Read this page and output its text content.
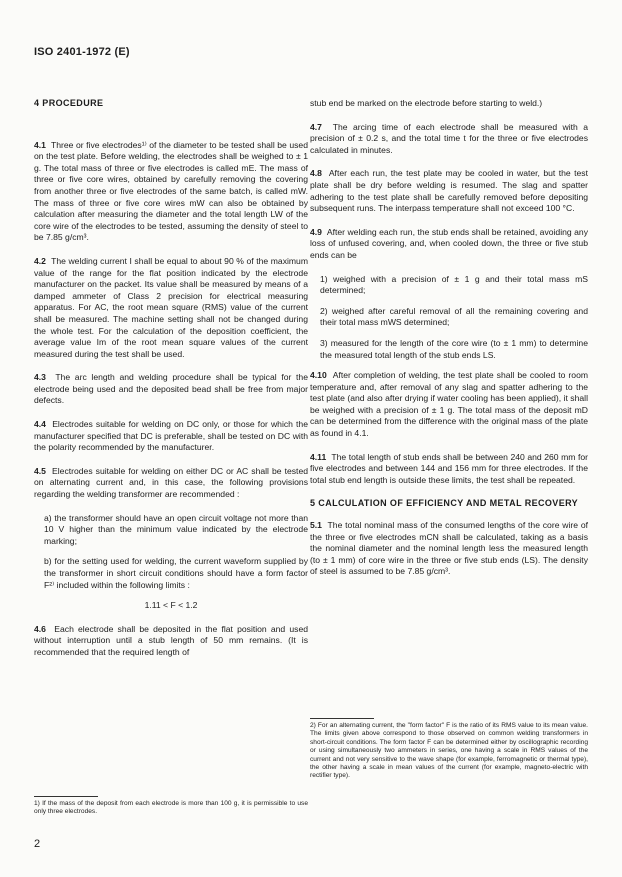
ISO 2401-1972 (E)
4 PROCEDURE

4.1 Three or five electrodes¹⁾ of the diameter to be tested shall be used on the test plate. Before welding, the electrodes shall be weighed to ± 1 g. The total mass of three or five electrodes is called mE. The mass of three or five core wires, obtained by carefully removing the covering from another three or five electrodes of the same batch, is called mW. The mass of three or five core wires mW can also be obtained by calculation after measuring the diameter and the total length LW of the core wire of the electrodes to be tested, assuming the density of steel to be 7.85 g/cm³.

4.2 The welding current I shall be equal to about 90 % of the maximum value of the range for the flat position indicated by the electrode manufacturer on the packet. Its value shall be measured by means of a damped ammeter of Class 2 precision for electrical measuring apparatus. For AC, the root mean square (RMS) value of the current shall be measured. The machine setting shall not be changed during the whole test. For the calculation of the deposition coefficient, the average value Im of the root mean square values of the current measured during the test shall be used.

4.3 The arc length and welding procedure shall be typical for the electrode being used and the deposited bead shall be free from major defects.

4.4 Electrodes suitable for welding on DC only, or those for which the manufacturer specified that DC is preferable, shall be tested on DC with the polarity recommended by the manufacturer.

4.5 Electrodes suitable for welding on either DC or AC shall be tested on alternating current and, in this case, the following provisions regarding the welding transformer are recommended :

a) the transformer should have an open circuit voltage not more than 10 V higher than the minimum value indicated by the electrode marking;

b) for the setting used for welding, the current waveform supplied by the transformer in short circuit conditions should have a form factor F²⁾ included within the following limits :

1.11 < F < 1.2

4.6 Each electrode shall be deposited in the flat position and used without interruption until a stub length of 50 mm remains. (It is recommended that the required length of

stub end be marked on the electrode before starting to weld.)

4.7 The arcing time of each electrode shall be measured with a precision of ± 0.2 s, and the total time t for the three or five electrodes calculated in minutes.

4.8 After each run, the test plate may be cooled in water, but the test plate shall be dry before welding is resumed. The slag and spatter adhering to the test plate shall be carefully removed before depositing subsequent runs. The interpass temperature shall not exceed 100 °C.

4.9 After welding each run, the stub ends shall be retained, avoiding any loss of unfused covering, and, when cooled down, the three or five stub ends can be

1) weighed with a precision of ± 1 g and their total mass mS determined;

2) weighed after careful removal of all the remaining covering and their total mass mWS determined;

3) measured for the length of the core wire (to ± 1 mm) to determine the measured total length of the stub ends LS.

4.10 After completion of welding, the test plate shall be cooled to room temperature and, after removal of any slag and spatter adhering to the test plate (and also after drying if water cooling has been applied), it shall be weighed with a precision of ± 1 g. The total mass of the deposit mD can be determined from the difference with the original mass of the plate as found in 4.1.

4.11 The total length of stub ends shall be between 240 and 260 mm for five electrodes and between 144 and 156 mm for three electrodes. If the total stub end length is outside these limits, the test shall be repeated.

5 CALCULATION OF EFFICIENCY AND METAL RECOVERY

5.1 The total nominal mass of the consumed lengths of the core wire of the three or five electrodes mCN shall be calculated, taking as a basis the nominal diameter and the nominal length less the measured length (to ± 1 mm) of core wire in the three or five stub ends (LS). The density of steel is assumed to be 7.85 g/cm³.

1) If the mass of the deposit from each electrode is more than 100 g, it is permissible to use only three electrodes.
2) For an alternating current, the "form factor" F is the ratio of its RMS value to its mean value. The limits given above correspond to those observed on common welding transformers in short-circuit conditions. The form factor F can be determined either by oscillographic recording or using simultaneously two ammeters in series, one having a scale in RMS values of the current and not very sensitive to the wave shape (for example, ferromagnetic or thermal type), the other having a scale in mean values of the current (for example, magneto-electric with rectifier type).
2
